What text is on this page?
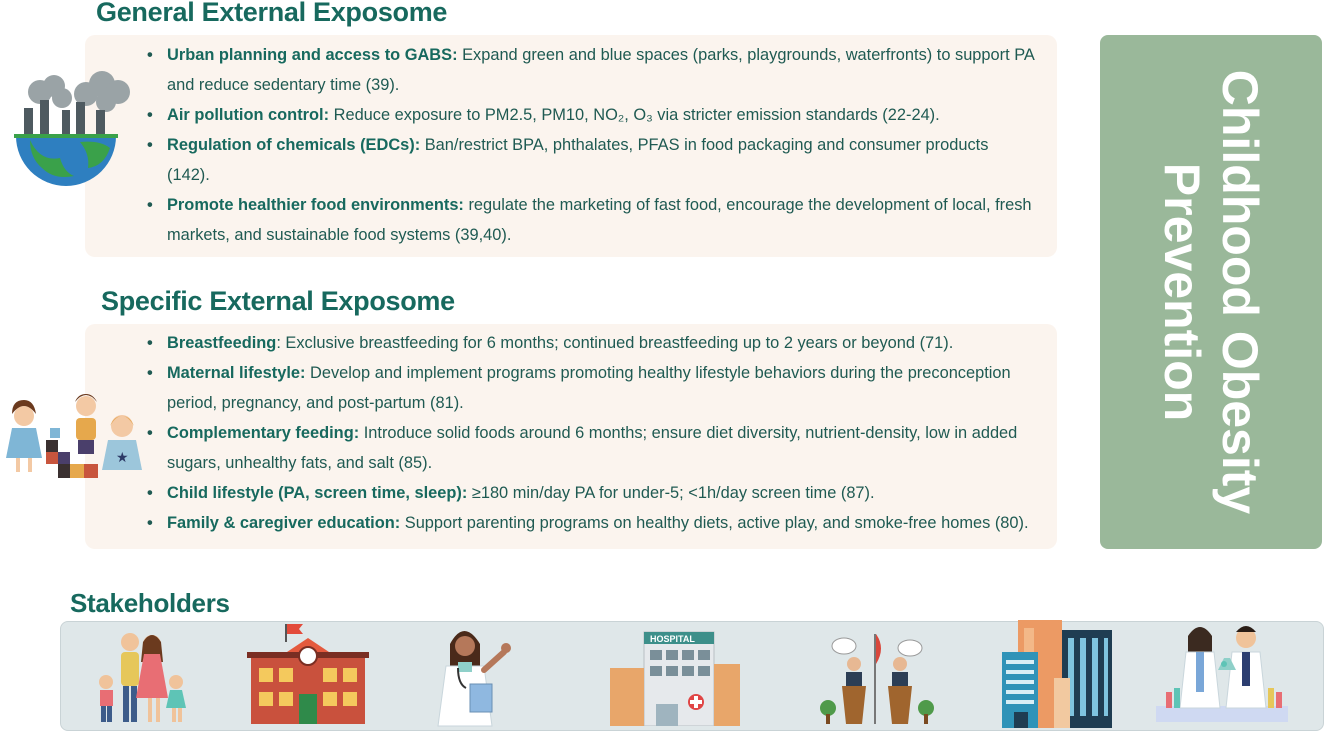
General External Exposome
• Urban planning and access to GABS: Expand green and blue spaces (parks, playgrounds, waterfronts) to support PA and reduce sedentary time (39).
• Air pollution control: Reduce exposure to PM2.5, PM10, NO₂, O₃ via stricter emission standards (22-24).
• Regulation of chemicals (EDCs): Ban/restrict BPA, phthalates, PFAS in food packaging and consumer products (142).
• Promote healthier food environments: regulate the marketing of fast food, encourage the development of local, fresh markets, and sustainable food systems (39,40).
Specific External Exposome
• Breastfeeding: Exclusive breastfeeding for 6 months; continued breastfeeding up to 2 years or beyond (71).
• Maternal lifestyle: Develop and implement programs promoting healthy lifestyle behaviors during the preconception period, pregnancy, and post-partum (81).
• Complementary feeding: Introduce solid foods around 6 months; ensure diet diversity, nutrient-density, low in added sugars, unhealthy fats, and salt (85).
• Child lifestyle (PA, screen time, sleep): ≥180 min/day PA for under-5; <1h/day screen time (87).
• Family & caregiver education: Support parenting programs on healthy diets, active play, and smoke-free homes (80).
★	Childhood Obesity
Prevention
Stakeholders
HOSPITAL
